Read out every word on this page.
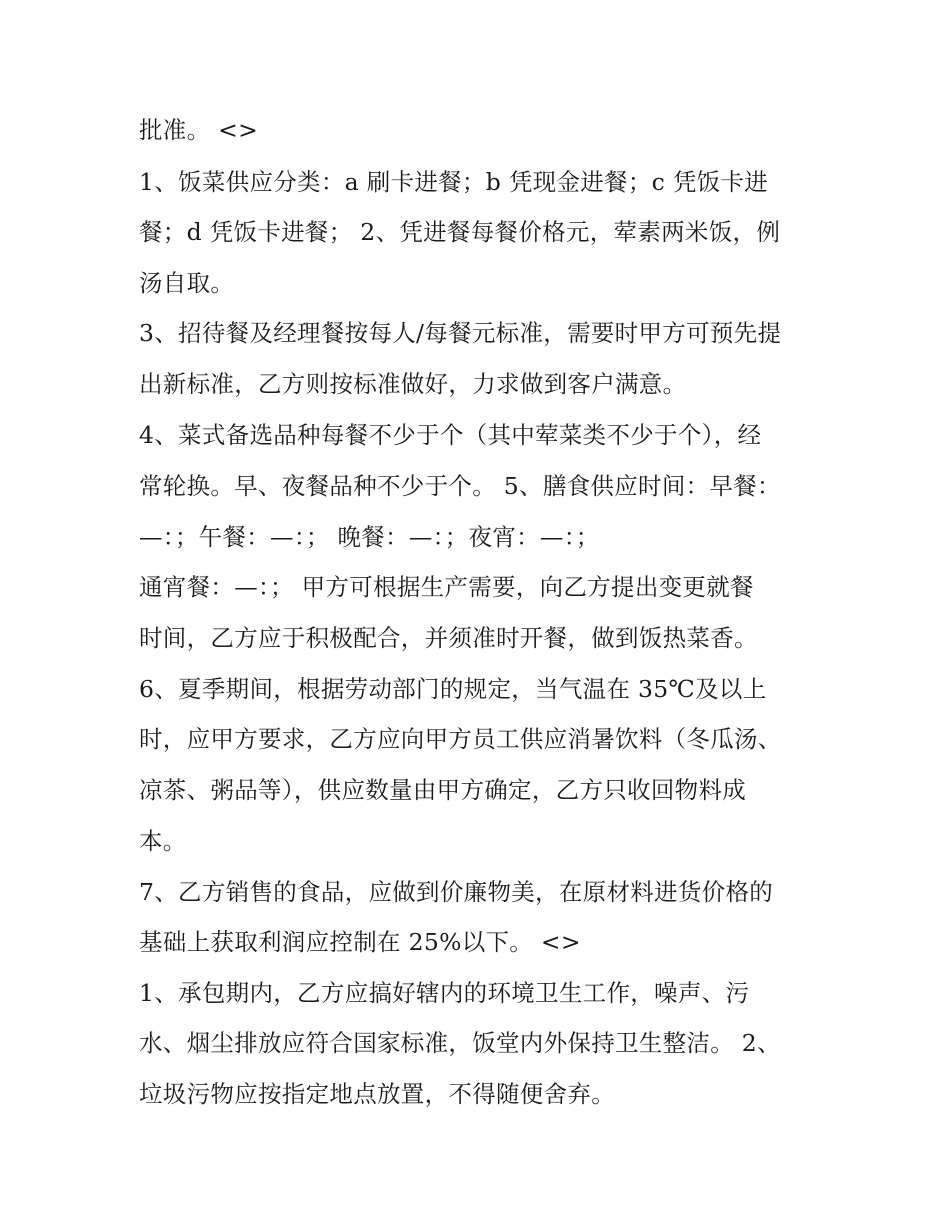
批准。 <>
1、饭菜供应分类：a 刷卡进餐；b 凭现金进餐；c 凭饭卡进
餐；d 凭饭卡进餐； 2、凭进餐每餐价格元，荤素两米饭，例
汤自取。
3、招待餐及经理餐按每人/每餐元标准，需要时甲方可预先提
出新标准，乙方则按标准做好，力求做到客户满意。
4、菜式备选品种每餐不少于个（其中荤菜类不少于个），经
常轮换。早、夜餐品种不少于个。 5、膳食供应时间：早餐：
—：；午餐：—：； 晚餐：—：；夜宵：—：；
通宵餐：—：； 甲方可根据生产需要，向乙方提出变更就餐
时间，乙方应于积极配合，并须准时开餐，做到饭热菜香。
6、夏季期间，根据劳动部门的规定，当气温在 35℃及以上
时，应甲方要求，乙方应向甲方员工供应消暑饮料（冬瓜汤、
凉茶、粥品等），供应数量由甲方确定，乙方只收回物料成
本。
7、乙方销售的食品，应做到价廉物美，在原材料进货价格的
基础上获取利润应控制在 25%以下。 <>
1、承包期内，乙方应搞好辖内的环境卫生工作，噪声、污
水、烟尘排放应符合国家标准，饭堂内外保持卫生整洁。 2、
垃圾污物应按指定地点放置，不得随便舍弃。
